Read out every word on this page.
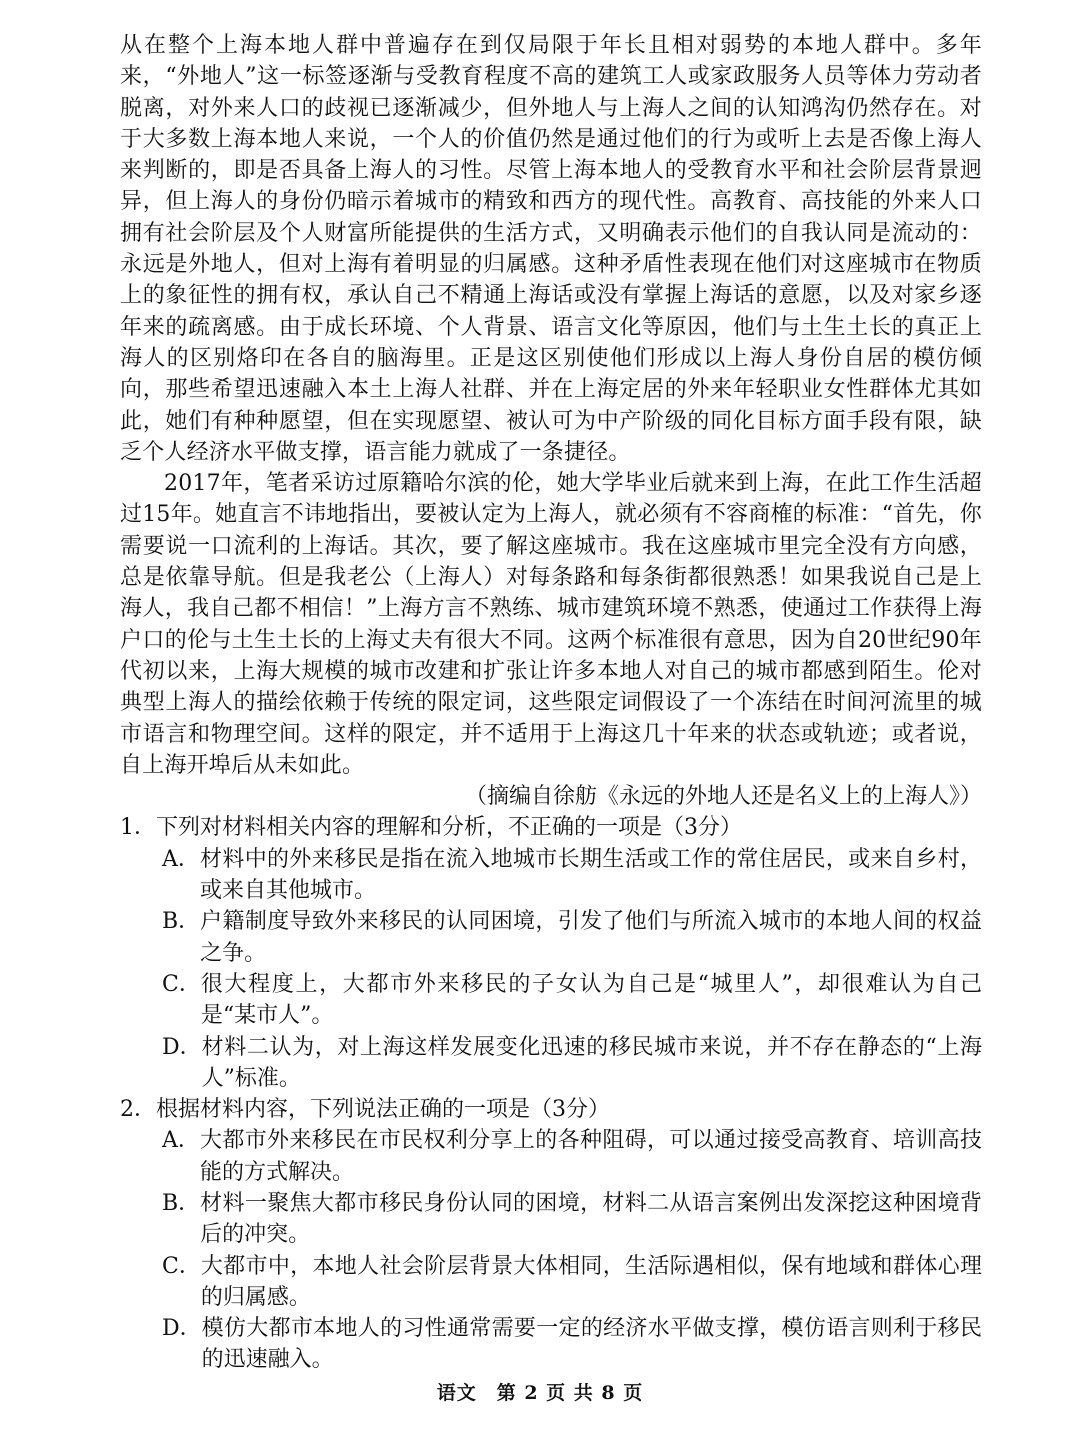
从在整个上海本地人群中普遍存在到仅局限于年长且相对弱势的本地人群中。多年来，“外地人”这一标签逐渐与受教育程度不高的建筑工人或家政服务人员等体力劳动者脱离，对外来人口的歧视已逐渐减少，但外地人与上海人之间的认知鸿沟仍然存在。对于大多数上海本地人来说，一个人的价值仍然是通过他们的行为或听上去是否像上海人来判断的，即是否具备上海人的习性。尽管上海本地人的受教育水平和社会阶层背景迥异，但上海人的身份仍暗示着城市的精致和西方的现代性。高教育、高技能的外来人口拥有社会阶层及个人财富所能提供的生活方式，又明确表示他们的自我认同是流动的：永远是外地人，但对上海有着明显的归属感。这种矛盾性表现在他们对这座城市在物质上的象征性的拥有权，承认自己不精通上海话或没有掌握上海话的意愿，以及对家乡逐年来的疏离感。由于成长环境、个人背景、语言文化等原因，他们与土生土长的真正上海人的区别烙印在各自的脑海里。正是这区别使他们形成以上海人身份自居的模仿倾向，那些希望迅速融入本土上海人社群、并在上海定居的外来年轻职业女性群体尤其如此，她们有种种愿望，但在实现愿望、被认可为中产阶级的同化目标方面手段有限，缺乏个人经济水平做支撑，语言能力就成了一条捷径。

2017年，笔者采访过原籍哈尔滨的伦，她大学毕业后就来到上海，在此工作生活超过15年。她直言不讳地指出，要被认定为上海人，就必须有不容商榷的标准：“首先，你需要说一口流利的上海话。其次，要了解这座城市。我在这座城市里完全没有方向感，总是依靠导航。但是我老公（上海人）对每条路和每条街都很熟悉！如果我说自己是上海人，我自己都不相信！”上海方言不熟练、城市建筑环境不熟悉，使通过工作获得上海户口的伦与土生土长的上海丈夫有很大不同。这两个标准很有意思，因为自20世纪90年代初以来，上海大规模的城市改建和扩张让许多本地人对自己的城市都感到陌生。伦对典型上海人的描绘依赖于传统的限定词，这些限定词假设了一个冻结在时间河流里的城市语言和物理空间。这样的限定，并不适用于上海这几十年来的状态或轨迹；或者说，自上海开埠后从未如此。

（摘编自徐舫《永远的外地人还是名义上的上海人》）

1．下列对材料相关内容的理解和分析，不正确的一项是（3分）

A． 材料中的外来移民是指在流入地城市长期生活或工作的常住居民，或来自乡村，或来自其他城市。
B． 户籍制度导致外来移民的认同困境，引发了他们与所流入城市的本地人间的权益之争。
C． 很大程度上，大都市外来移民的子女认为自己是“城里人”，却很难认为自己是“某市人”。
D． 材料二认为，对上海这样发展变化迅速的移民城市来说，并不存在静态的“上海人”标准。

2．根据材料内容，下列说法正确的一项是（3分）

A． 大都市外来移民在市民权利分享上的各种阻碍，可以通过接受高教育、培训高技能的方式解决。
B． 材料一聚焦大都市移民身份认同的困境，材料二从语言案例出发深挖这种困境背后的冲突。
C． 大都市中，本地人社会阶层背景大体相同，生活际遇相似，保有地域和群体心理的归属感。
D． 模仿大都市本地人的习性通常需要一定的经济水平做支撑，模仿语言则利于移民的迅速融入。
语文　第 2 页 共 8 页
